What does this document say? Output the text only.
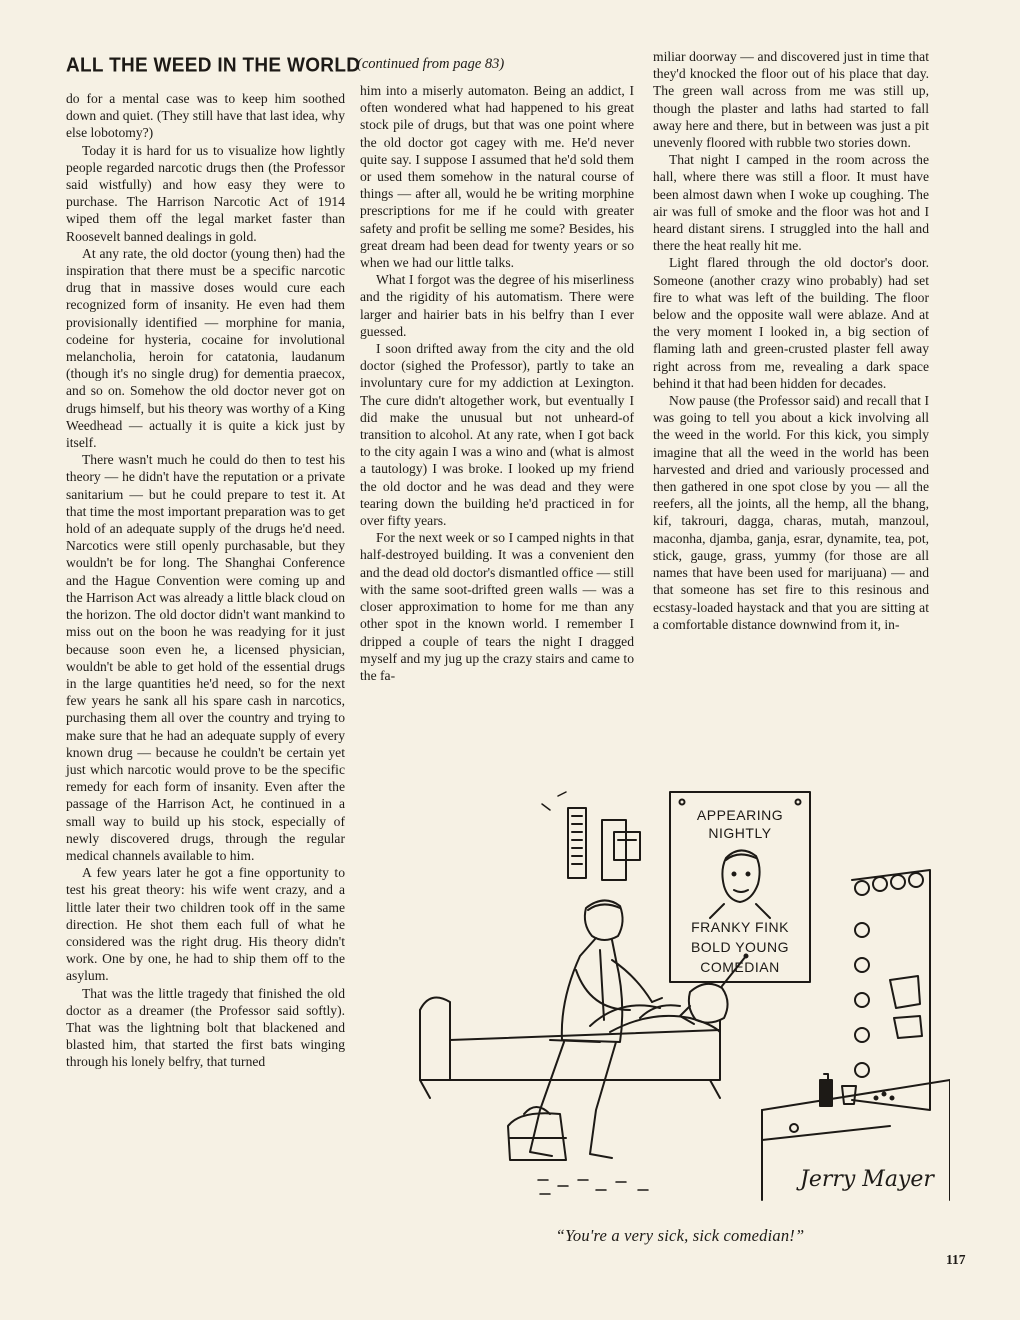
ALL THE WEED IN THE WORLD
(continued from page 83)

do for a mental case was to keep him soothed down and quiet. (They still have that last idea, why else lobotomy?)

Today it is hard for us to visualize how lightly people regarded narcotic drugs then (the Professor said wistfully) and how easy they were to purchase. The Harrison Narcotic Act of 1914 wiped them off the legal market faster than Roosevelt banned dealings in gold.

At any rate, the old doctor (young then) had the inspiration that there must be a specific narcotic drug that in massive doses would cure each recognized form of insanity. He even had them provisionally identified — morphine for mania, codeine for hysteria, cocaine for involutional melancholia, heroin for catatonia, laudanum (though it's no single drug) for dementia praecox, and so on. Somehow the old doctor never got on drugs himself, but his theory was worthy of a King Weedhead — actually it is quite a kick just by itself.

There wasn't much he could do then to test his theory — he didn't have the reputation or a private sanitarium — but he could prepare to test it. At that time the most important preparation was to get hold of an adequate supply of the drugs he'd need. Narcotics were still openly purchasable, but they wouldn't be for long. The Shanghai Conference and the Hague Convention were coming up and the Harrison Act was already a little black cloud on the horizon. The old doctor didn't want mankind to miss out on the boon he was readying for it just because soon even he, a licensed physician, wouldn't be able to get hold of the essential drugs in the large quantities he'd need, so for the next few years he sank all his spare cash in narcotics, purchasing them all over the country and trying to make sure that he had an adequate supply of every known drug — because he couldn't be certain yet just which narcotic would prove to be the specific remedy for each form of insanity. Even after the passage of the Harrison Act, he continued in a small way to build up his stock, especially of newly discovered drugs, through the regular medical channels available to him.

A few years later he got a fine opportunity to test his great theory: his wife went crazy, and a little later their two children took off in the same direction. He shot them each full of what he considered was the right drug. His theory didn't work. One by one, he had to ship them off to the asylum.

That was the little tragedy that finished the old doctor as a dreamer (the Professor said softly). That was the lightning bolt that blackened and blasted him, that started the first bats winging through his lonely belfry, that turned

him into a miserly automaton. Being an addict, I often wondered what had happened to his great stock pile of drugs, but that was one point where the old doctor got cagey with me. He'd never quite say. I suppose I assumed that he'd sold them or used them somehow in the natural course of things — after all, would he be writing morphine prescriptions for me if he could with greater safety and profit be selling me some? Besides, his great dream had been dead for twenty years or so when we had our little talks.

What I forgot was the degree of his miserliness and the rigidity of his automatism. There were larger and hairier bats in his belfry than I ever guessed.

I soon drifted away from the city and the old doctor (sighed the Professor), partly to take an involuntary cure for my addiction at Lexington. The cure didn't altogether work, but eventually I did make the unusual but not unheard-of transition to alcohol. At any rate, when I got back to the city again I was a wino and (what is almost a tautology) I was broke. I looked up my friend the old doctor and he was dead and they were tearing down the building he'd practiced in for over fifty years.

For the next week or so I camped nights in that half-destroyed building. It was a convenient den and the dead old doctor's dismantled office — still with the same soot-drifted green walls — was a closer approximation to home for me than any other spot in the known world. I remember I dripped a couple of tears the night I dragged myself and my jug up the crazy stairs and came to the fa-

miliar doorway — and discovered just in time that they'd knocked the floor out of his place that day. The green wall across from me was still up, though the plaster and laths had started to fall away here and there, but in between was just a pit unevenly floored with rubble two stories down.

That night I camped in the room across the hall, where there was still a floor. It must have been almost dawn when I woke up coughing. The air was full of smoke and the floor was hot and I heard distant sirens. I struggled into the hall and there the heat really hit me.

Light flared through the old doctor's door. Someone (another crazy wino probably) had set fire to what was left of the building. The floor below and the opposite wall were ablaze. And at the very moment I looked in, a big section of flaming lath and green-crusted plaster fell away right across from me, revealing a dark space behind it that had been hidden for decades.

Now pause (the Professor said) and recall that I was going to tell you about a kick involving all the weed in the world. For this kick, you simply imagine that all the weed in the world has been harvested and dried and variously processed and then gathered in one spot close by you — all the reefers, all the joints, all the hemp, all the bhang, kif, takrouri, dagga, charas, mutah, manzoul, maconha, djamba, ganja, esrar, dynamite, tea, pot, stick, gauge, grass, yummy (for those are all names that have been used for marijuana) — and that someone has set fire to this resinous and ecstasy-loaded haystack and that you are sitting at a comfortable distance downwind from it, in-

APPEARING
NIGHTLY
FRANKY FINK
BOLD YOUNG
COMEDIAN
Jerry Mayer
“You're a very sick, sick comedian!”
117
